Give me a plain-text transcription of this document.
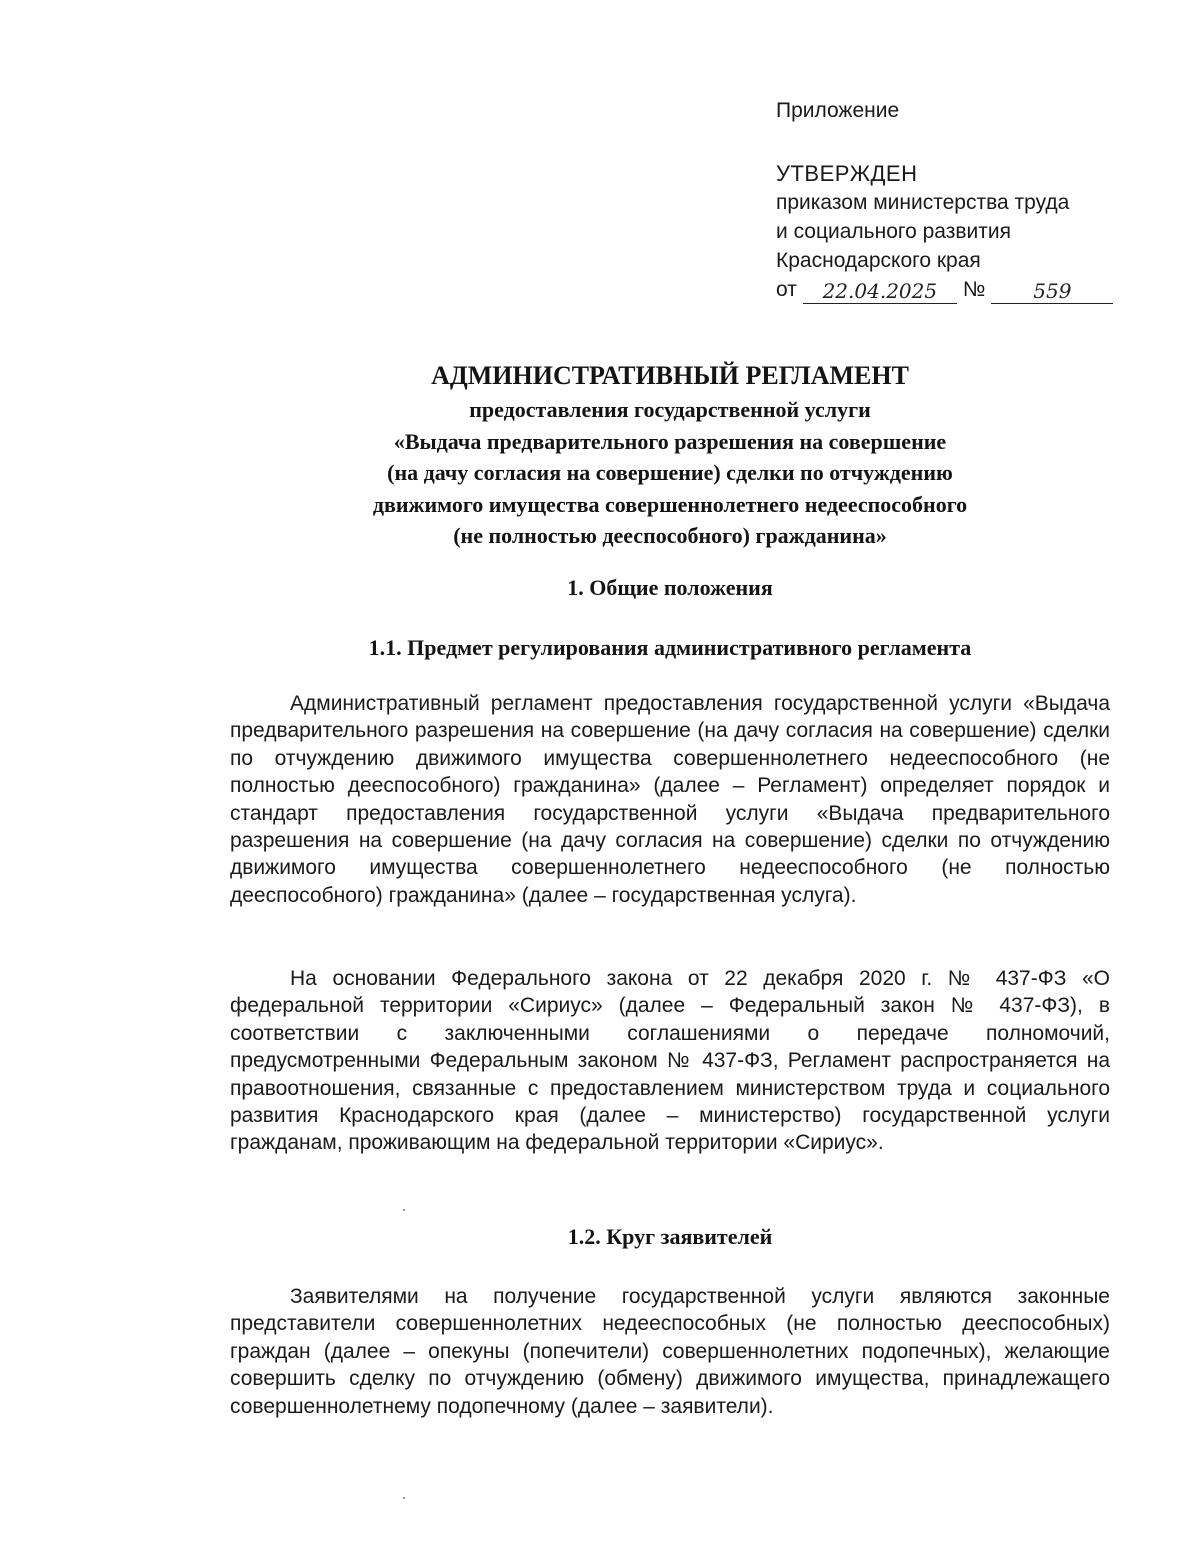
Приложение

УТВЕРЖДЕН

приказом министерства труда

и социального развития

Краснодарского края

от	22.04.2025	№	559

АДМИНИСТРАТИВНЫЙ РЕГЛАМЕНТ

предоставления государственной услуги

«Выдача предварительного разрешения на совершение

(на дачу согласия на совершение) сделки по отчуждению

движимого имущества совершеннолетнего недееспособного

(не полностью дееспособного) гражданина»

1. Общие положения

1.1. Предмет регулирования административного регламента

Административный регламент предоставления государственной услуги «Выдача предварительного разрешения на совершение (на дачу согласия на совершение) сделки по отчуждению движимого имущества совершеннолетнего недееспособного (не полностью дееспособного) гражданина» (далее – Регламент) определяет порядок и стандарт предоставления государственной услуги «Выдача предварительного разрешения на совершение (на дачу согласия на совершение) сделки по отчуждению движимого имущества совершеннолетнего недееспособного (не полностью дееспособного) гражданина» (далее – государственная услуга).

На основании Федерального закона от 22 декабря 2020 г. № 437-ФЗ «О федеральной территории «Сириус» (далее – Федеральный закон № 437-ФЗ), в соответствии с заключенными соглашениями о передаче полномочий, предусмотренными Федеральным законом № 437-ФЗ, Регламент распространяется на правоотношения, связанные с предоставлением министерством труда и социального развития Краснодарского края (далее – министерство) государственной услуги гражданам, проживающим на федеральной территории «Сириус».

1.2. Круг заявителей

Заявителями на получение государственной услуги являются законные представители совершеннолетних недееспособных (не полностью дееспособных) граждан (далее – опекуны (попечители) совершеннолетних подопечных), желающие совершить сделку по отчуждению (обмену) движимого имущества, принадлежащего совершеннолетнему подопечному (далее – заявители).
